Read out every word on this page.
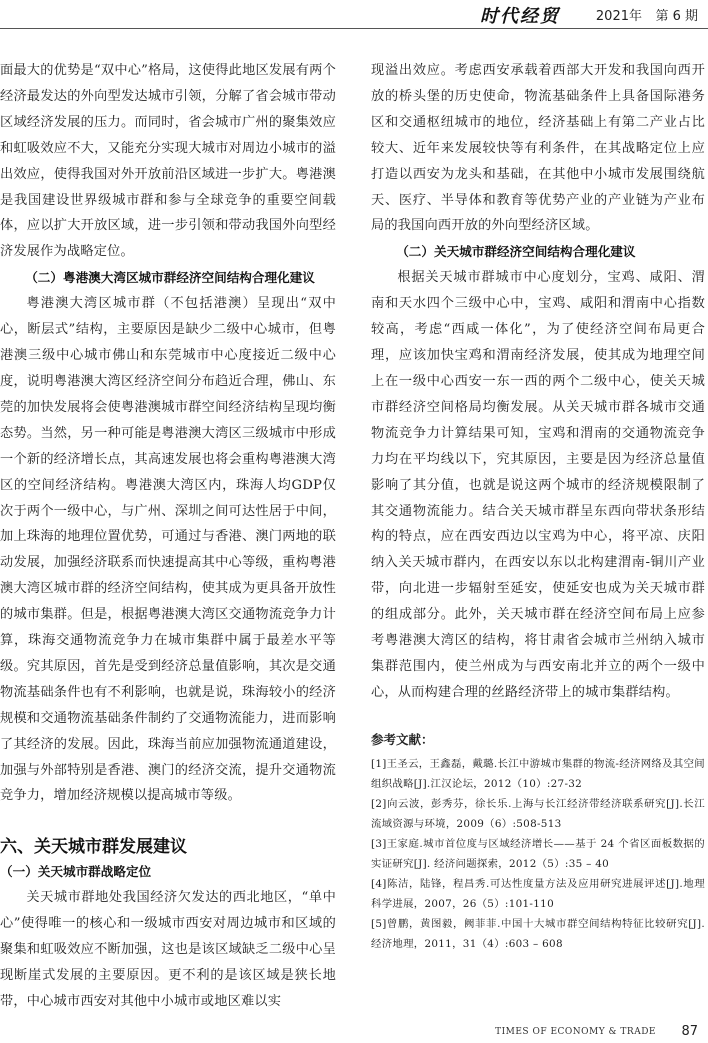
时代经贸	2021年 第 6 期

面最大的优势是“双中心”格局，这使得此地区发展有两个经济最发达的外向型发达城市引领，分解了省会城市带动区域经济发展的压力。而同时，省会城市广州的聚集效应和虹吸效应不大，又能充分实现大城市对周边小城市的溢出效应，使得我国对外开放前沿区域进一步扩大。粤港澳是我国建设世界级城市群和参与全球竞争的重要空间载体，应以扩大开放区域，进一步引领和带动我国外向型经济发展作为战略定位。

（二）粤港澳大湾区城市群经济空间结构合理化建议

粤港澳大湾区城市群（不包括港澳）呈现出“双中心，断层式”结构，主要原因是缺少二级中心城市，但粤港澳三级中心城市佛山和东莞城市中心度接近二级中心度，说明粤港澳大湾区经济空间分布趋近合理，佛山、东莞的加快发展将会使粤港澳城市群空间经济结构呈现均衡态势。当然，另一种可能是粤港澳大湾区三级城市中形成一个新的经济增长点，其高速发展也将会重构粤港澳大湾区的空间经济结构。粤港澳大湾区内，珠海人均GDP仅次于两个一级中心，与广州、深圳之间可达性居于中间，加上珠海的地理位置优势，可通过与香港、澳门两地的联动发展，加强经济联系而快速提高其中心等级，重构粤港澳大湾区城市群的经济空间结构，使其成为更具备开放性的城市集群。但是，根据粤港澳大湾区交通物流竞争力计算，珠海交通物流竞争力在城市集群中属于最差水平等级。究其原因，首先是受到经济总量值影响，其次是交通物流基础条件也有不利影响，也就是说，珠海较小的经济规模和交通物流基础条件制约了交通物流能力，进而影响了其经济的发展。因此，珠海当前应加强物流通道建设，加强与外部特别是香港、澳门的经济交流，提升交通物流竞争力，增加经济规模以提高城市等级。

六、关天城市群发展建议

（一）关天城市群战略定位

关天城市群地处我国经济欠发达的西北地区，“单中心”使得唯一的核心和一级城市西安对周边城市和区域的聚集和虹吸效应不断加强，这也是该区域缺乏二级中心呈现断崖式发展的主要原因。更不利的是该区域是狭长地带，中心城市西安对其他中小城市或地区难以实

现溢出效应。考虑西安承载着西部大开发和我国向西开放的桥头堡的历史使命，物流基础条件上具备国际港务区和交通枢纽城市的地位，经济基础上有第二产业占比较大、近年来发展较快等有利条件，在其战略定位上应打造以西安为龙头和基础，在其他中小城市发展围绕航天、医疗、半导体和教育等优势产业的产业链为产业布局的我国向西开放的外向型经济区域。

（二）关天城市群经济空间结构合理化建议

根据关天城市群城市中心度划分，宝鸡、咸阳、渭南和天水四个三级中心中，宝鸡、咸阳和渭南中心指数较高，考虑“西咸一体化”，为了使经济空间布局更合理，应该加快宝鸡和渭南经济发展，使其成为地理空间上在一级中心西安一东一西的两个二级中心，使关天城市群经济空间格局均衡发展。从关天城市群各城市交通物流竞争力计算结果可知，宝鸡和渭南的交通物流竞争力均在平均线以下，究其原因，主要是因为经济总量值影响了其分值，也就是说这两个城市的经济规模限制了其交通物流能力。结合关天城市群呈东西向带状条形结构的特点，应在西安西边以宝鸡为中心，将平凉、庆阳纳入关天城市群内，在西安以东以北构建渭南-铜川产业带，向北进一步辐射至延安，使延安也成为关天城市群的组成部分。此外，关天城市群在经济空间布局上应参考粤港澳大湾区的结构，将甘肃省会城市兰州纳入城市集群范围内，使兰州成为与西安南北并立的两个一级中心，从而构建合理的丝路经济带上的城市集群结构。

参考文献：

[1]王圣云，王鑫磊，戴璐.长江中游城市集群的物流-经济网络及其空间组织战略[J].江汉论坛，2012（10）:27-32

[2]向云波，彭秀芬，徐长乐.上海与长江经济带经济联系研究[J].长江流域资源与环境，2009（6）:508-513

[3]王家庭.城市首位度与区域经济增长——基于 24 个省区面板数据的实证研究[J]. 经济问题探索，2012（5）:35 – 40

[4]陈洁，陆锋，程昌秀.可达性度量方法及应用研究进展评述[J].地理科学进展，2007，26（5）:101-110

[5]曾鹏，黄图毅，阙菲菲.中国十大城市群空间结构特征比较研究[J]. 经济地理，2011，31（4）:603 – 608

TIMES OF ECONOMY & TRADE 87
